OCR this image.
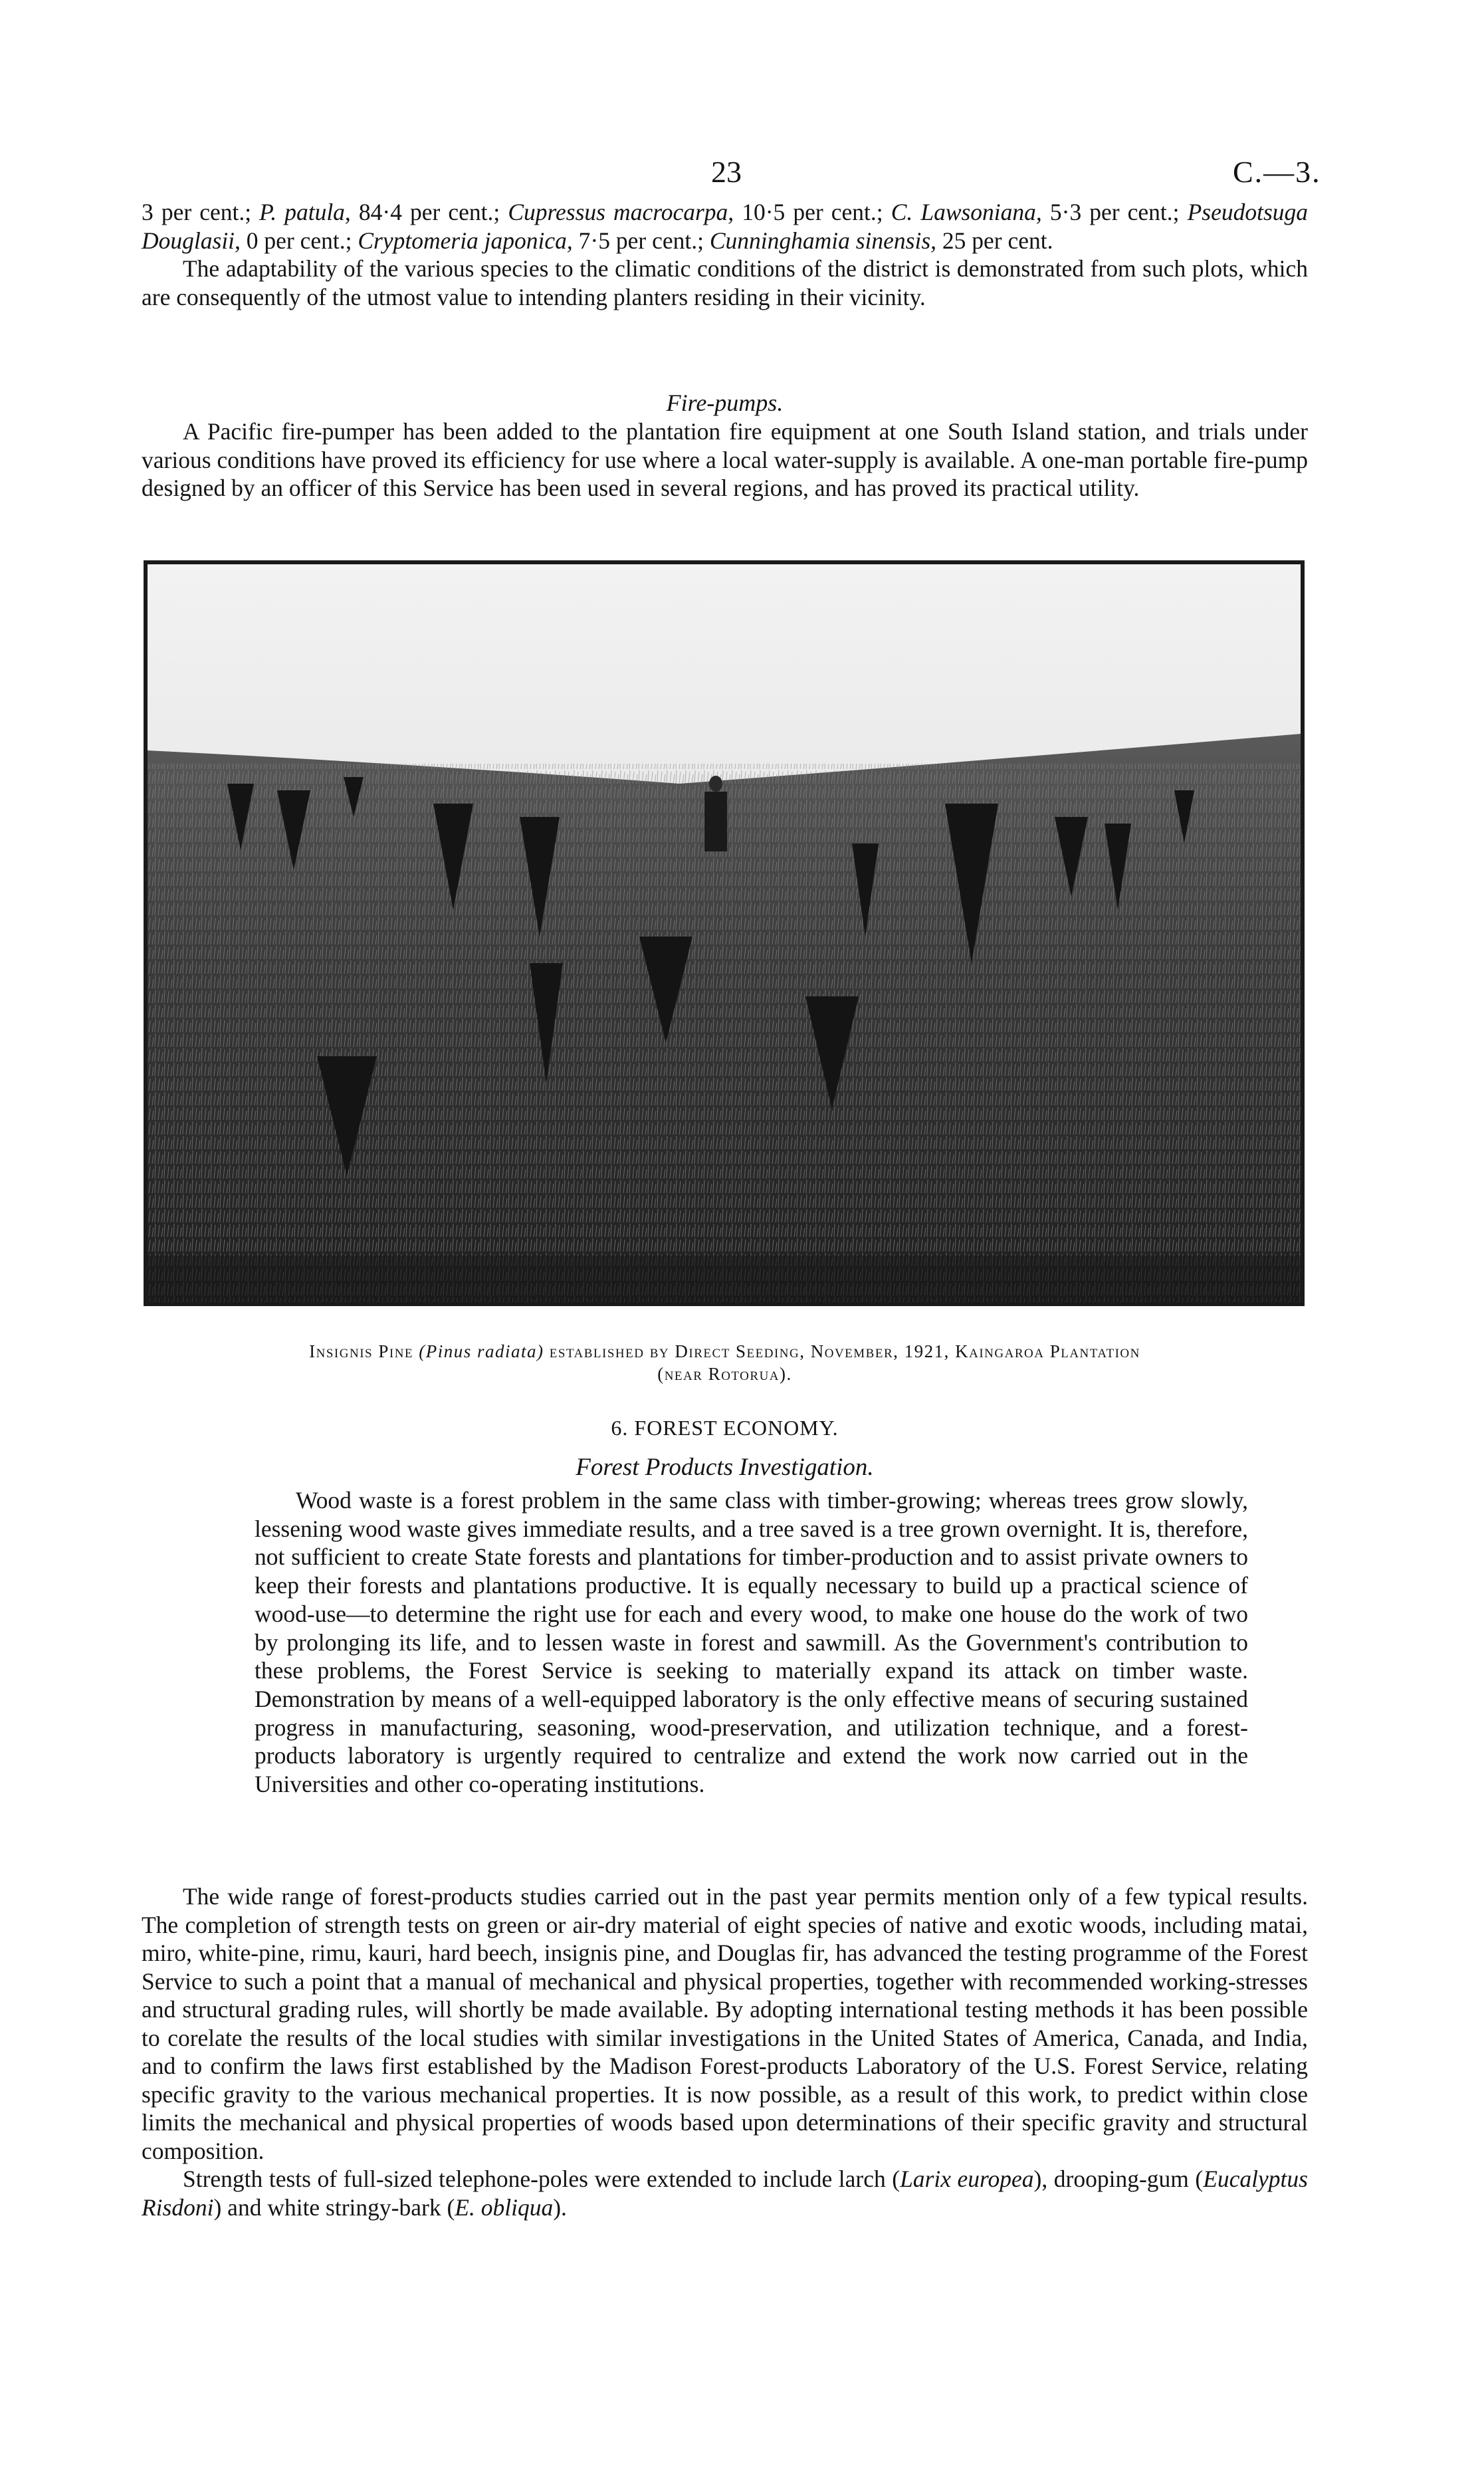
23	C.—3.

3 per cent.; P. patula, 84·4 per cent.; Cupressus macrocarpa, 10·5 per cent.; C. Lawsoniana, 5·3 per cent.; Pseudotsuga Douglasii, 0 per cent.; Cryptomeria japonica, 7·5 per cent.; Cunninghamia sinensis, 25 per cent.

The adaptability of the various species to the climatic conditions of the district is demonstrated from such plots, which are consequently of the utmost value to intending planters residing in their vicinity.

Fire-pumps.

A Pacific fire-pumper has been added to the plantation fire equipment at one South Island station, and trials under various conditions have proved its efficiency for use where a local water-supply is available. A one-man portable fire-pump designed by an officer of this Service has been used in several regions, and has proved its practical utility.

Insignis Pine (Pinus radiata) established by Direct Seeding, November, 1921, Kaingaroa Plantation
(near Rotorua).
6. FOREST ECONOMY.
Forest Products Investigation.

Wood waste is a forest problem in the same class with timber-growing; whereas trees grow slowly, lessening wood waste gives immediate results, and a tree saved is a tree grown overnight. It is, therefore, not sufficient to create State forests and plantations for timber-production and to assist private owners to keep their forests and plantations productive. It is equally necessary to build up a practical science of wood-use—to determine the right use for each and every wood, to make one house do the work of two by prolonging its life, and to lessen waste in forest and sawmill. As the Government's contribution to these problems, the Forest Service is seeking to materially expand its attack on timber waste. Demonstration by means of a well-equipped laboratory is the only effective means of securing sustained progress in manufacturing, seasoning, wood-preservation, and utilization technique, and a forest-products laboratory is urgently required to centralize and extend the work now carried out in the Universities and other co-operating institutions.

The wide range of forest-products studies carried out in the past year permits mention only of a few typical results. The completion of strength tests on green or air-dry material of eight species of native and exotic woods, including matai, miro, white-pine, rimu, kauri, hard beech, insignis pine, and Douglas fir, has advanced the testing programme of the Forest Service to such a point that a manual of mechanical and physical properties, together with recommended working-stresses and structural grading rules, will shortly be made available. By adopting international testing methods it has been possible to corelate the results of the local studies with similar investigations in the United States of America, Canada, and India, and to confirm the laws first established by the Madison Forest-products Laboratory of the U.S. Forest Service, relating specific gravity to the various mechanical properties. It is now possible, as a result of this work, to predict within close limits the mechanical and physical properties of woods based upon determinations of their specific gravity and structural composition.

Strength tests of full-sized telephone-poles were extended to include larch (Larix europea), drooping-gum (Eucalyptus Risdoni) and white stringy-bark (E. obliqua).
